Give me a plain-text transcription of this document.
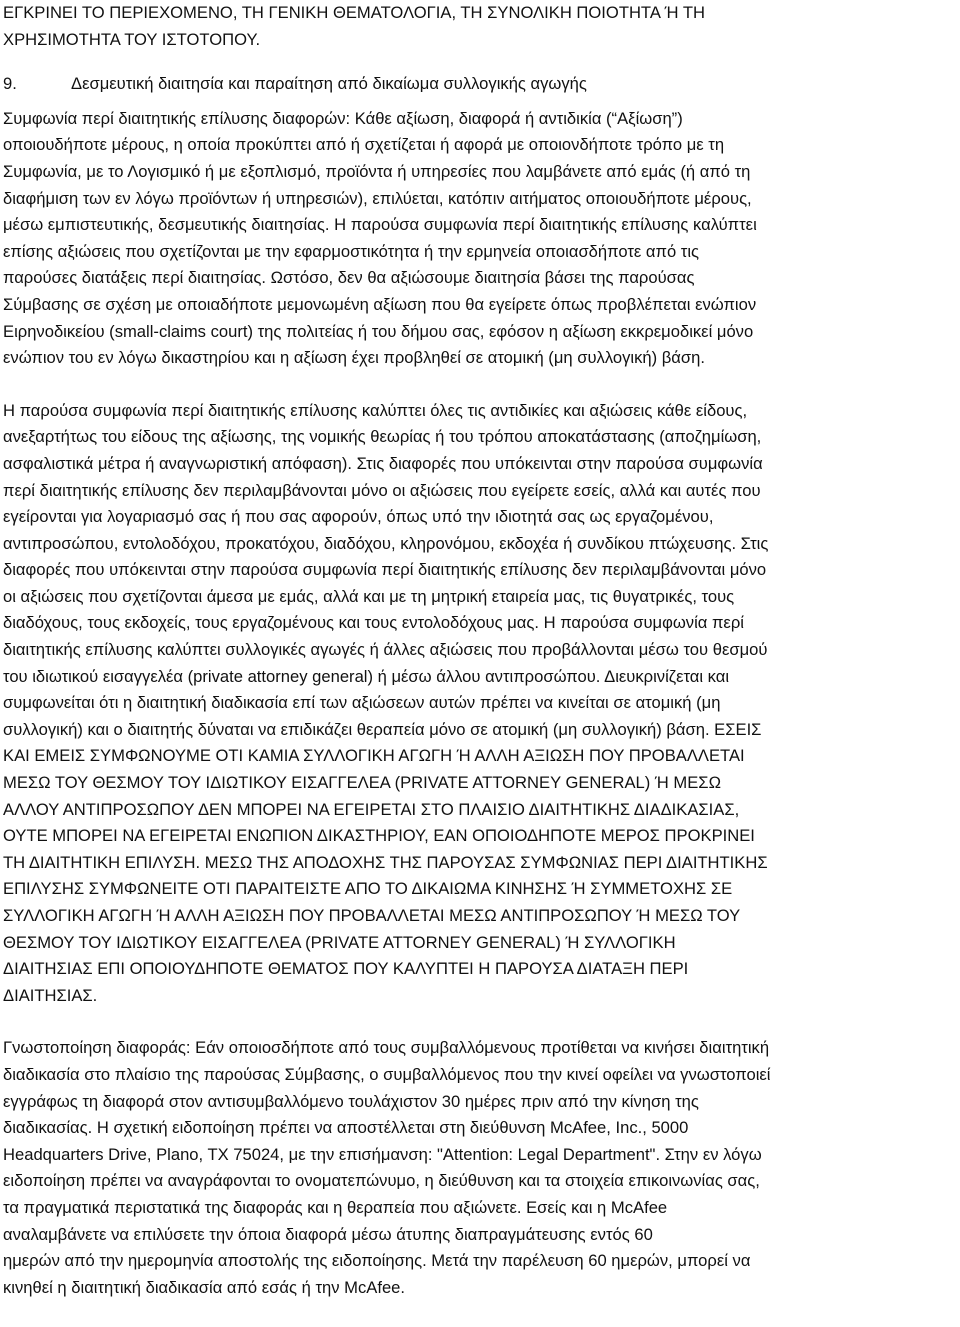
ΕΓΚΡΙΝΕΙ ΤΟ ΠΕΡΙΕΧΟΜΕΝΟ, ΤΗ ΓΕΝΙΚΗ ΘΕΜΑΤΟΛΟΓΙΑ, ΤΗ ΣΥΝΟΛΙΚΗ ΠΟΙΟΤΗΤΑ Ή ΤΗ
ΧΡΗΣΙΜΟΤΗΤΑ ΤΟΥ ΙΣΤΟΤΟΠΟΥ.

9.	Δεσμευτική διαιτησία και παραίτηση από δικαίωμα συλλογικής αγωγής

Συμφωνία περί διαιτητικής επίλυσης διαφορών: Κάθε αξίωση, διαφορά ή αντιδικία (“Αξίωση”)
οποιουδήποτε μέρους, η οποία προκύπτει από ή σχετίζεται ή αφορά με οποιονδήποτε τρόπο με τη
Συμφωνία, με το Λογισμικό ή με εξοπλισμό, προϊόντα ή υπηρεσίες που λαμβάνετε από εμάς (ή από τη
διαφήμιση των εν λόγω προϊόντων ή υπηρεσιών), επιλύεται, κατόπιν αιτήματος οποιουδήποτε μέρους,
μέσω εμπιστευτικής, δεσμευτικής διαιτησίας. Η παρούσα συμφωνία περί διαιτητικής επίλυσης καλύπτει
επίσης αξιώσεις που σχετίζονται με την εφαρμοστικότητα ή την ερμηνεία οποιασδήποτε από τις
παρούσες διατάξεις περί διαιτησίας. Ωστόσο, δεν θα αξιώσουμε διαιτησία βάσει της παρούσας
Σύμβασης σε σχέση με οποιαδήποτε μεμονωμένη αξίωση που θα εγείρετε όπως προβλέπεται ενώπιον
Ειρηνοδικείου (small-claims court) της πολιτείας ή του δήμου σας, εφόσον η αξίωση εκκρεμοδικεί μόνο
ενώπιον του εν λόγω δικαστηρίου και η αξίωση έχει προβληθεί σε ατομική (μη συλλογική) βάση.
Η παρούσα συμφωνία περί διαιτητικής επίλυσης καλύπτει όλες τις αντιδικίες και αξιώσεις κάθε είδους,
ανεξαρτήτως του είδους της αξίωσης, της νομικής θεωρίας ή του τρόπου αποκατάστασης (αποζημίωση,
ασφαλιστικά μέτρα ή αναγνωριστική απόφαση). Στις διαφορές που υπόκεινται στην παρούσα συμφωνία
περί διαιτητικής επίλυσης δεν περιλαμβάνονται μόνο οι αξιώσεις που εγείρετε εσείς, αλλά και αυτές που
εγείρονται για λογαριασμό σας ή που σας αφορούν, όπως υπό την ιδιοτητά σας ως εργαζομένου,
αντιπροσώπου, εντολοδόχου, προκατόχου, διαδόχου, κληρονόμου, εκδοχέα ή συνδίκου πτώχευσης. Στις
διαφορές που υπόκεινται στην παρούσα συμφωνία περί διαιτητικής επίλυσης δεν περιλαμβάνονται μόνο
οι αξιώσεις που σχετίζονται άμεσα με εμάς, αλλά και με τη μητρική εταιρεία μας, τις θυγατρικές, τους
διαδόχους, τους εκδοχείς, τους εργαζομένους και τους εντολοδόχους μας. Η παρούσα συμφωνία περί
διαιτητικής επίλυσης καλύπτει συλλογικές αγωγές ή άλλες αξιώσεις που προβάλλονται μέσω του θεσμού
του ιδιωτικού εισαγγελέα (private attorney general) ή μέσω άλλου αντιπροσώπου. Διευκρινίζεται και
συμφωνείται ότι η διαιτητική διαδικασία επί των αξιώσεων αυτών πρέπει να κινείται σε ατομική (μη
συλλογική) και ο διαιτητής δύναται να επιδικάζει θεραπεία μόνο σε ατομική (μη συλλογική) βάση. ΕΣΕΙΣ
ΚΑΙ ΕΜΕΙΣ ΣΥΜΦΩΝΟΥΜΕ ΟΤΙ ΚΑΜΙΑ ΣΥΛΛΟΓΙΚΗ ΑΓΩΓΗ Ή ΑΛΛΗ ΑΞΙΩΣΗ ΠΟΥ ΠΡΟΒΑΛΛΕΤΑΙ
ΜΕΣΩ ΤΟΥ ΘΕΣΜΟΥ ΤΟΥ ΙΔΙΩΤΙΚΟΥ ΕΙΣΑΓΓΕΛΕΑ (PRIVATE ATTORNEY GENERAL) Ή ΜΕΣΩ
ΑΛΛΟΥ ΑΝΤΙΠΡΟΣΩΠΟΥ ΔΕΝ ΜΠΟΡΕΙ ΝΑ ΕΓΕΙΡΕΤΑΙ ΣΤΟ ΠΛΑΙΣΙΟ ΔΙΑΙΤΗΤΙΚΗΣ ΔΙΑΔΙΚΑΣΙΑΣ,
ΟΥΤΕ ΜΠΟΡΕΙ ΝΑ ΕΓΕΙΡΕΤΑΙ ΕΝΩΠΙΟΝ ΔΙΚΑΣΤΗΡΙΟΥ, ΕΑΝ ΟΠΟΙΟΔΗΠΟΤΕ ΜΕΡΟΣ ΠΡΟΚΡΙΝΕΙ
ΤΗ ΔΙΑΙΤΗΤΙΚΗ ΕΠΙΛΥΣΗ. ΜΕΣΩ ΤΗΣ ΑΠΟΔΟΧΗΣ ΤΗΣ ΠΑΡΟΥΣΑΣ ΣΥΜΦΩΝΙΑΣ ΠΕΡΙ ΔΙΑΙΤΗΤΙΚΗΣ
ΕΠΙΛΥΣΗΣ ΣΥΜΦΩΝΕΙΤΕ ΟΤΙ ΠΑΡΑΙΤΕΙΣΤΕ ΑΠΟ ΤΟ ΔΙΚΑΙΩΜΑ ΚΙΝΗΣΗΣ Ή ΣΥΜΜΕΤΟΧΗΣ ΣΕ
ΣΥΛΛΟΓΙΚΗ ΑΓΩΓΗ Ή ΑΛΛΗ ΑΞΙΩΣΗ ΠΟΥ ΠΡΟΒΑΛΛΕΤΑΙ ΜΕΣΩ ΑΝΤΙΠΡΟΣΩΠΟΥ Ή ΜΕΣΩ ΤΟΥ
ΘΕΣΜΟΥ ΤΟΥ ΙΔΙΩΤΙΚΟΥ ΕΙΣΑΓΓΕΛΕΑ (PRIVATE ATTORNEY GENERAL) Ή ΣΥΛΛΟΓΙΚΗ
ΔΙΑΙΤΗΣΙΑΣ ΕΠΙ ΟΠΟΙΟΥΔΗΠΟΤΕ ΘΕΜΑΤΟΣ ΠΟΥ ΚΑΛΥΠΤΕΙ Η ΠΑΡΟΥΣΑ ΔΙΑΤΑΞΗ ΠΕΡΙ
ΔΙΑΙΤΗΣΙΑΣ.
Γνωστοποίηση διαφοράς: Εάν οποιοσδήποτε από τους συμβαλλόμενους προτίθεται να κινήσει διαιτητική
διαδικασία στο πλαίσιο της παρούσας Σύμβασης, ο συμβαλλόμενος που την κινεί οφείλει να γνωστοποιεί
εγγράφως τη διαφορά στον αντισυμβαλλόμενο τουλάχιστον 30 ημέρες πριν από την κίνηση της
διαδικασίας. Η σχετική ειδοποίηση πρέπει να αποστέλλεται στη διεύθυνση McAfee, Inc., 5000
Headquarters Drive, Plano, TX 75024, με την επισήμανση: "Attention: Legal Department". Στην εν λόγω
ειδοποίηση πρέπει να αναγράφονται το ονοματεπώνυμο, η διεύθυνση και τα στοιχεία επικοινωνίας σας,
τα πραγματικά περιστατικά της διαφοράς και η θεραπεία που αξιώνετε. Εσείς και η McAfee
αναλαμβάνετε να επιλύσετε την όποια διαφορά μέσω άτυπης διαπραγμάτευσης εντός 60
ημερών από την ημερομηνία αποστολής της ειδοποίησης. Μετά την παρέλευση 60 ημερών, μπορεί να
κινηθεί η διαιτητική διαδικασία από εσάς ή την McAfee.
